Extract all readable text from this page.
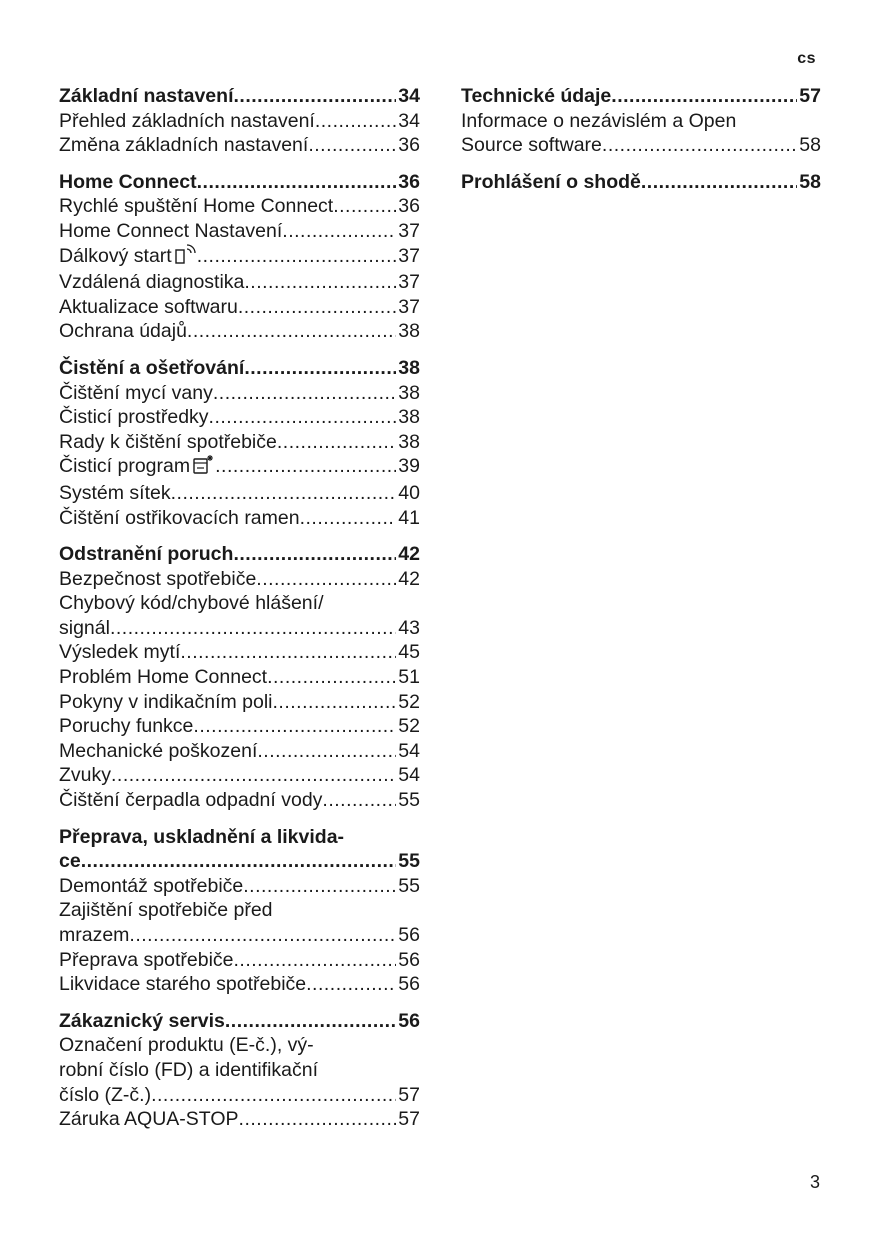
cs
Základní nastavení .....	34
Přehled základních nastavení .....	34
Změna základních nastavení .....	36
Home Connect .....	36
Rychlé spuštění Home Connect .....	36
Home Connect Nastavení .....	37
Dálkový start .....	37
Vzdálená diagnostika .....	37
Aktualizace softwaru .....	37
Ochrana údajů .....	38
Čistění a ošetřování .....	38
Čištění mycí vany .....	38
Čisticí prostředky .....	38
Rady k čištění spotřebiče .....	38
Čisticí program .....	39
Systém sítek .....	40
Čištění ostřikovacích ramen .....	41
Odstranění poruch .....	42
Bezpečnost spotřebiče .....	42
Chybový kód/chybové hlášení/
signál .....	43
Výsledek mytí .....	45
Problém Home Connect .....	51
Pokyny v indikačním poli .....	52
Poruchy funkce .....	52
Mechanické poškození .....	54
Zvuky .....	54
Čištění čerpadla odpadní vody .....	55
Přeprava, uskladnění a likvida-
ce .....	55
Demontáž spotřebiče .....	55
Zajištění spotřebiče před
mrazem .....	56
Přeprava spotřebiče .....	56
Likvidace starého spotřebiče .....	56
Zákaznický servis .....	56
Označení produktu (E-č.), vý-
robní číslo (FD) a identifikační
číslo (Z-č.) .....	57
Záruka AQUA-STOP .....	57
Technické údaje .....	57
Informace o nezávislém a Open
Source software .....	58
Prohlášení o shodě .....	58
3
